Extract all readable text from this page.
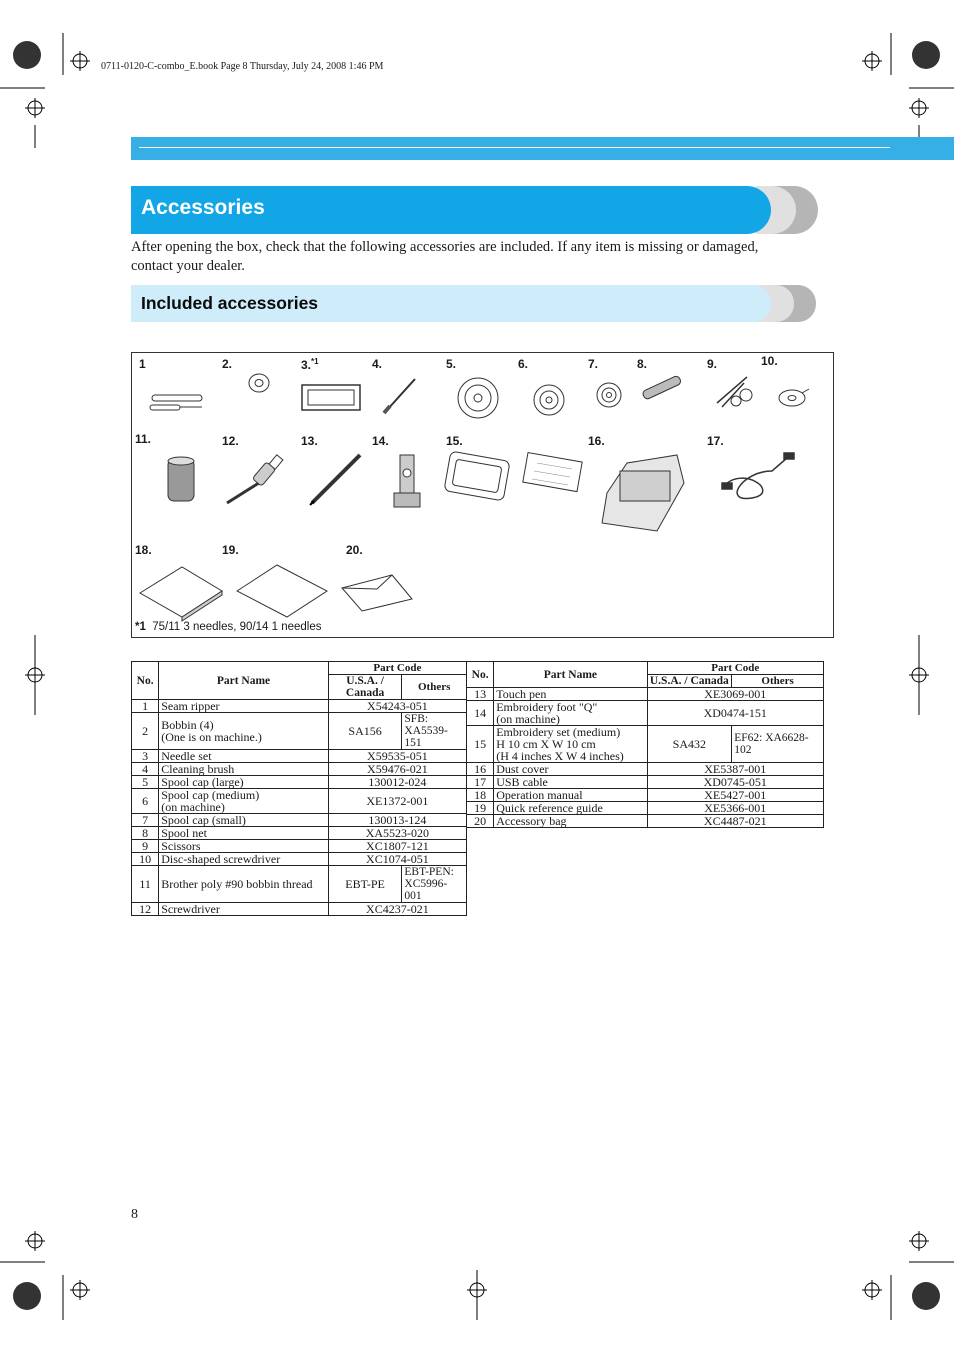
0711-0120-C-combo_E.book Page 8 Thursday, July 24, 2008 1:46 PM
Accessories
After opening the box, check that the following accessories are included. If any item is missing or damaged, contact your dealer.
Included accessories
1	2.	3.$^{*1}$	4.	5.	6.	7.	8.	9.	10.
11.	12.	13.	14.	15.	16.	17.
18.	19.	20.
*1 75/11 3 needles, 90/14 1 needles
No.	Part Name	Part Code	
		U.S.A. / Canada	Others
1	Seam ripper	X54243-051	
2	Bobbin (4)
(One is on machine.)	SA156	SFB: XA5539-151
3	Needle set	X59535-051	
4	Cleaning brush	X59476-021	
5	Spool cap (large)	130012-024	
6	Spool cap (medium)
(on machine)	XE1372-001	
7	Spool cap (small)	130013-124	
8	Spool net	XA5523-020	
9	Scissors	XC1807-121	
10	Disc-shaped screwdriver	XC1074-051	
11	Brother poly #90 bobbin thread	EBT-PE	EBT-PEN: XC5996-001
12	Screwdriver	XC4237-021	
No.	Part Name	Part Code	
		U.S.A. / Canada	Others
13	Touch pen	XE3069-001	
14	Embroidery foot "Q"
(on machine)	XD0474-151	
15	Embroidery set (medium)
H 10 cm X W 10 cm
(H 4 inches X W 4 inches)	SA432	EF62: XA6628-102
16	Dust cover	XE5387-001	
17	USB cable	XD0745-051	
18	Operation manual	XE5427-001	
19	Quick reference guide	XE5366-001	
20	Accessory bag	XC4487-021	
8
